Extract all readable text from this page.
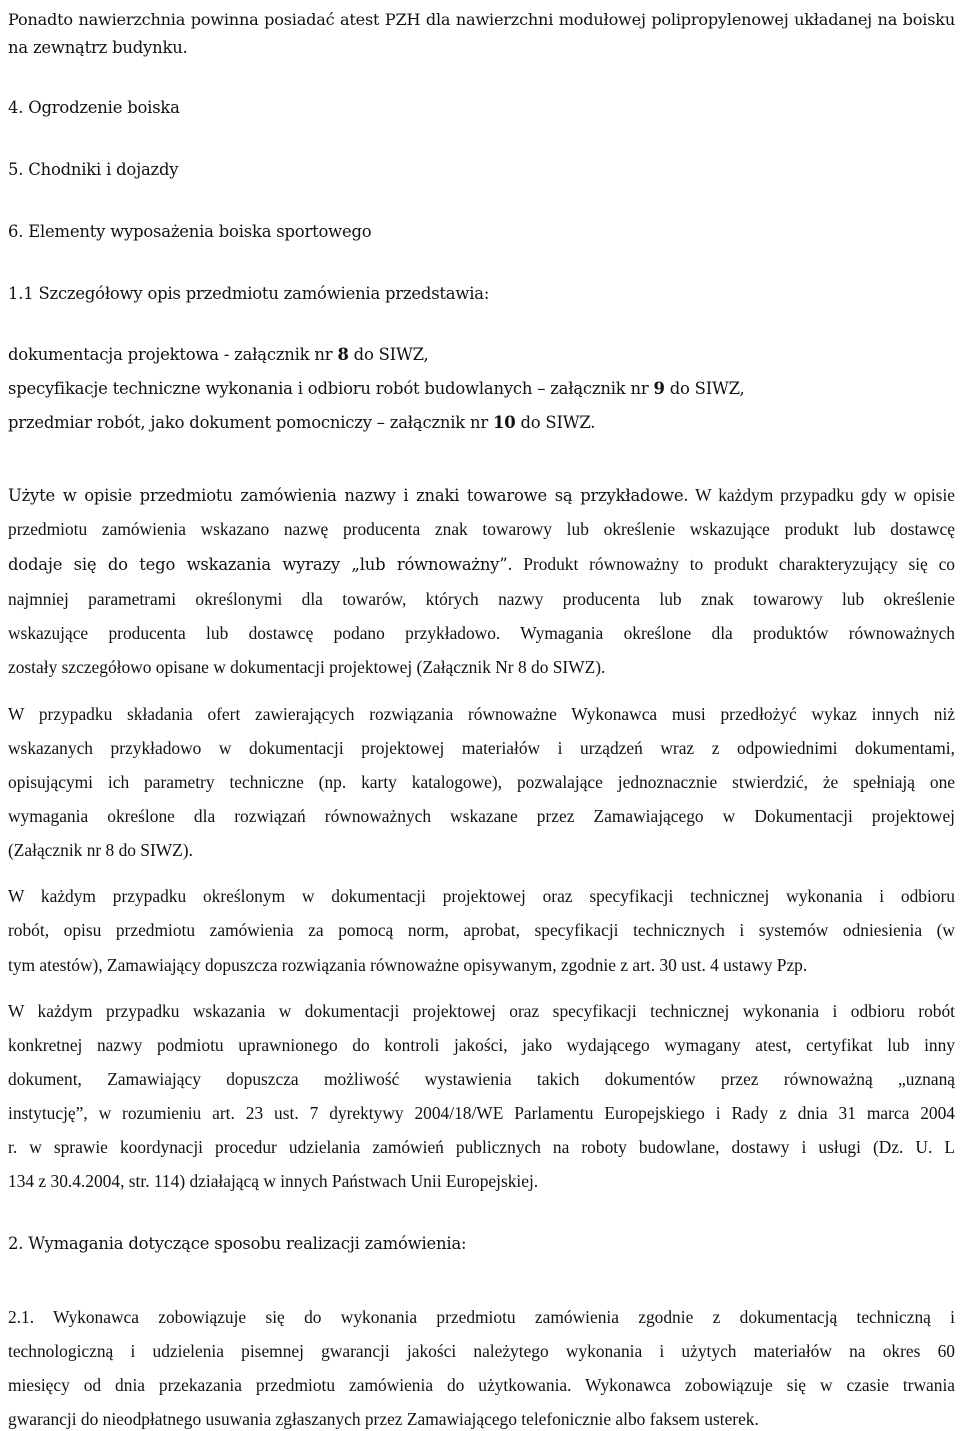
Ponadto nawierzchnia powinna posiadać atest PZH dla nawierzchni modułowej polipropylenowej układanej na boisku
na zewnątrz budynku.
4. Ogrodzenie boiska
5. Chodniki i dojazdy
6. Elementy wyposażenia boiska sportowego
1.1 Szczegółowy opis przedmiotu zamówienia przedstawia:
dokumentacja projektowa - załącznik nr 8 do SIWZ,
specyfikacje techniczne wykonania i odbioru robót budowlanych – załącznik nr 9 do SIWZ,
przedmiar robót, jako dokument pomocniczy – załącznik nr 10 do SIWZ.
Użyte w opisie przedmiotu zamówienia nazwy i znaki towarowe są przykładowe. W każdym przypadku gdy w opisie
przedmiotu zamówienia wskazano nazwę producenta znak towarowy lub określenie wskazujące produkt lub dostawcę
dodaje się do tego wskazania wyrazy „lub równoważny”. Produkt równoważny to produkt charakteryzujący się co
najmniej parametrami określonymi dla towarów, których nazwy producenta lub znak towarowy lub określenie
wskazujące producenta lub dostawcę podano przykładowo. Wymagania określone dla produktów równoważnych
zostały szczegółowo opisane w dokumentacji projektowej (Załącznik Nr 8 do SIWZ).
W przypadku składania ofert zawierających rozwiązania równoważne Wykonawca musi przedłożyć wykaz innych niż
wskazanych przykładowo w dokumentacji projektowej materiałów i urządzeń wraz z odpowiednimi dokumentami,
opisującymi ich parametry techniczne (np. karty katalogowe), pozwalające jednoznacznie stwierdzić, że spełniają one
wymagania określone dla rozwiązań równoważnych wskazane przez Zamawiającego w Dokumentacji projektowej
(Załącznik nr 8 do SIWZ).
W każdym przypadku określonym w dokumentacji projektowej oraz specyfikacji technicznej wykonania i odbioru
robót, opisu przedmiotu zamówienia za pomocą norm, aprobat, specyfikacji technicznych i systemów odniesienia (w
tym atestów), Zamawiający dopuszcza rozwiązania równoważne opisywanym, zgodnie z art. 30 ust. 4 ustawy Pzp.
W każdym przypadku wskazania w dokumentacji projektowej oraz specyfikacji technicznej wykonania i odbioru robót
konkretnej nazwy podmiotu uprawnionego do kontroli jakości, jako wydającego wymagany atest, certyfikat lub inny
dokument, Zamawiający dopuszcza możliwość wystawienia takich dokumentów przez równoważną „uznaną
instytucję”, w rozumieniu art. 23 ust. 7 dyrektywy 2004/18/WE Parlamentu Europejskiego i Rady z dnia 31 marca 2004
r. w sprawie koordynacji procedur udzielania zamówień publicznych na roboty budowlane, dostawy i usługi (Dz. U. L
134 z 30.4.2004, str. 114) działającą w innych Państwach Unii Europejskiej.
2. Wymagania dotyczące sposobu realizacji zamówienia:
2.1. Wykonawca zobowiązuje się do wykonania przedmiotu zamówienia zgodnie z dokumentacją techniczną i
technologiczną i udzielenia pisemnej gwarancji jakości należytego wykonania i użytych materiałów na okres 60
miesięcy od dnia przekazania przedmiotu zamówienia do użytkowania. Wykonawca zobowiązuje się w czasie trwania
gwarancji do nieodpłatnego usuwania zgłaszanych przez Zamawiającego telefonicznie albo faksem usterek.
